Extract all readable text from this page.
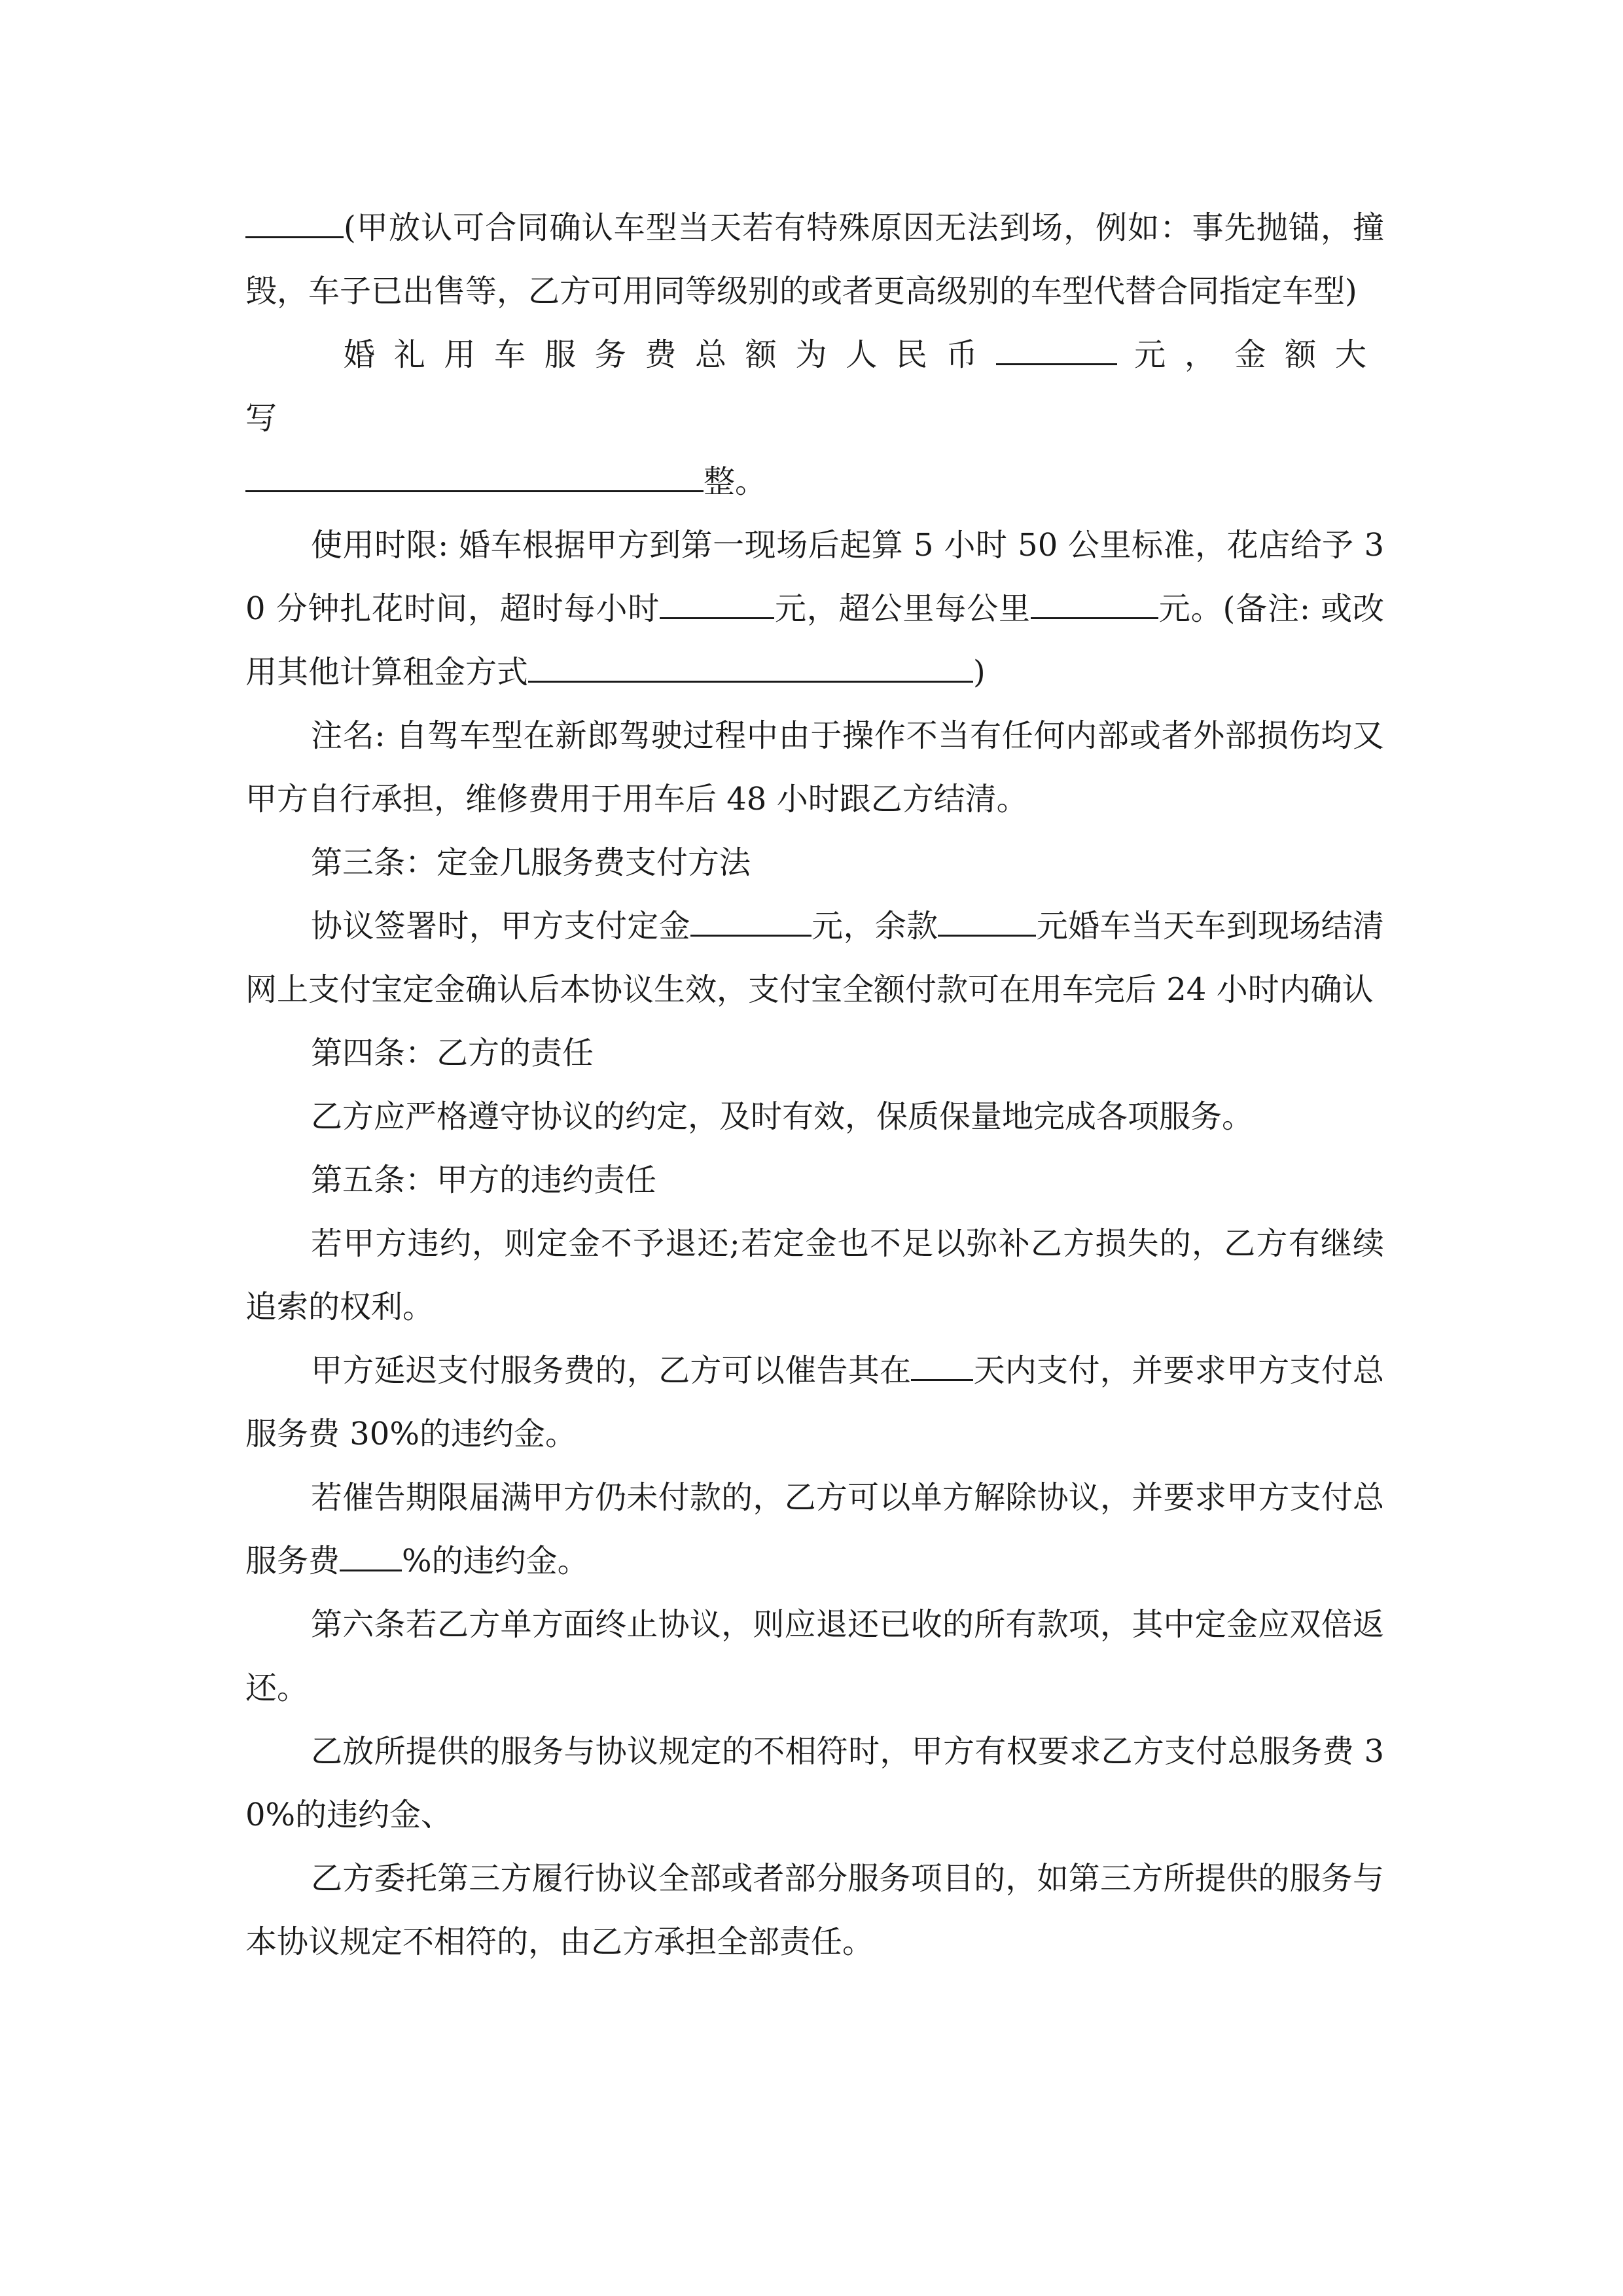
(甲放认可合同确认车型当天若有特殊原因无法到场，例如：事先抛锚，撞毁，车子已出售等，乙方可用同等级别的或者更高级别的车型代替合同指定车型)

婚礼用车服务费总额为人民币	元，金额大写
整。

使用时限: 婚车根据甲方到第一现场后起算 5 小时 50 公里标准，花店给予 30 分钟扎花时间，超时每小时	元，超公里每公里	元。(备注: 或改用其他计算租金方式	)

注名: 自驾车型在新郎驾驶过程中由于操作不当有任何内部或者外部损伤均又甲方自行承担，维修费用于用车后 48 小时跟乙方结清。

第三条：定金几服务费支付方法

协议签署时，甲方支付定金	元，余款	元婚车当天车到现场结清网上支付宝定金确认后本协议生效，支付宝全额付款可在用车完后 24 小时内确认

第四条：乙方的责任

乙方应严格遵守协议的约定，及时有效，保质保量地完成各项服务。

第五条：甲方的违约责任

若甲方违约，则定金不予退还;若定金也不足以弥补乙方损失的，乙方有继续追索的权利。

甲方延迟支付服务费的，乙方可以催告其在 天内支付，并要求甲方支付总服务费 30%的违约金。

若催告期限届满甲方仍未付款的，乙方可以单方解除协议，并要求甲方支付总服务费 %的违约金。

第六条若乙方单方面终止协议，则应退还已收的所有款项，其中定金应双倍返还。

乙放所提供的服务与协议规定的不相符时，甲方有权要求乙方支付总服务费 30%的违约金、

乙方委托第三方履行协议全部或者部分服务项目的，如第三方所提供的服务与本协议规定不相符的，由乙方承担全部责任。
